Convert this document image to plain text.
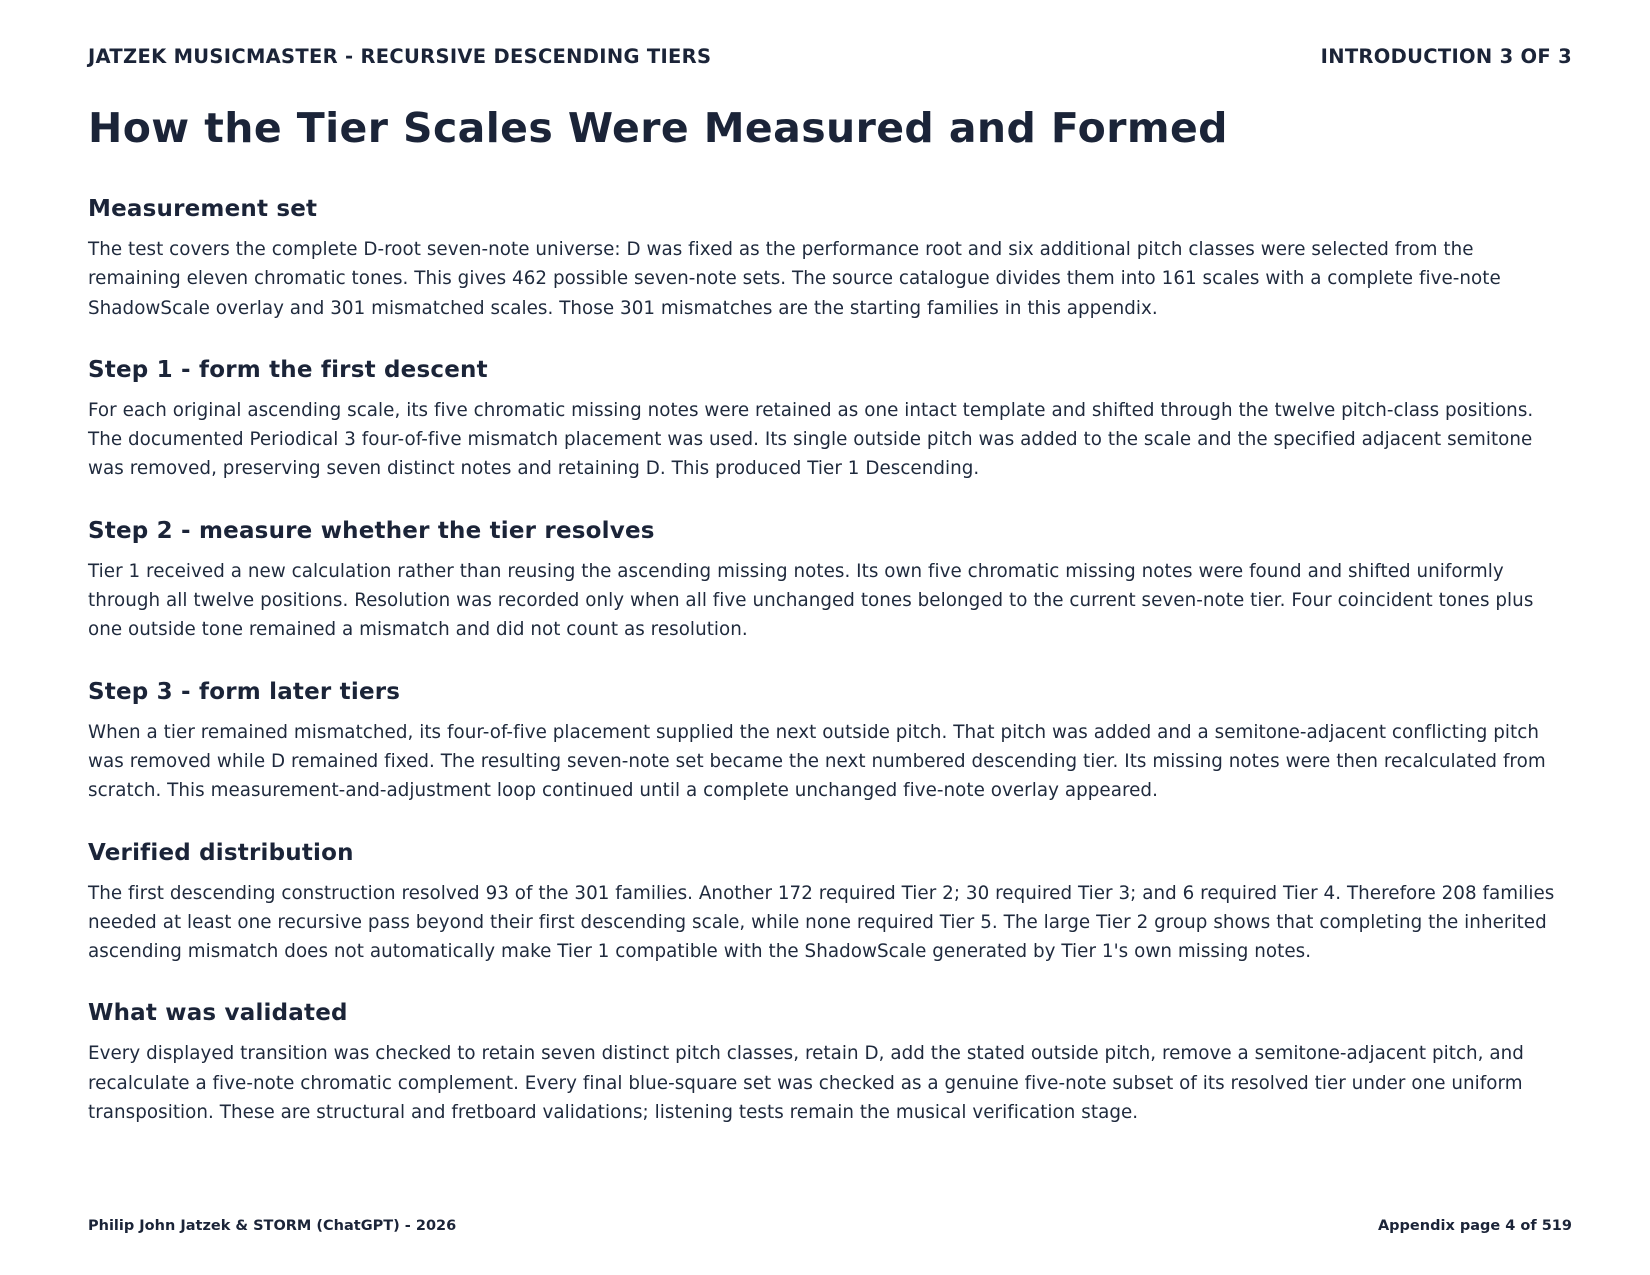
JATZEK MUSICMASTER - RECURSIVE DESCENDING TIERS	INTRODUCTION 3 OF 3
How the Tier Scales Were Measured and Formed
Measurement set

The test covers the complete D-root seven-note universe: D was fixed as the performance root and six additional pitch classes were selected from the remaining eleven chromatic tones. This gives 462 possible seven-note sets. The source catalogue divides them into 161 scales with a complete five-note ShadowScale overlay and 301 mismatched scales. Those 301 mismatches are the starting families in this appendix.

Step 1 - form the first descent

For each original ascending scale, its five chromatic missing notes were retained as one intact template and shifted through the twelve pitch-class positions. The documented Periodical 3 four-of-five mismatch placement was used. Its single outside pitch was added to the scale and the specified adjacent semitone was removed, preserving seven distinct notes and retaining D. This produced Tier 1 Descending.

Step 2 - measure whether the tier resolves

Tier 1 received a new calculation rather than reusing the ascending missing notes. Its own five chromatic missing notes were found and shifted uniformly through all twelve positions. Resolution was recorded only when all five unchanged tones belonged to the current seven-note tier. Four coincident tones plus one outside tone remained a mismatch and did not count as resolution.

Step 3 - form later tiers

When a tier remained mismatched, its four-of-five placement supplied the next outside pitch. That pitch was added and a semitone-adjacent conflicting pitch was removed while D remained fixed. The resulting seven-note set became the next numbered descending tier. Its missing notes were then recalculated from scratch. This measurement-and-adjustment loop continued until a complete unchanged five-note overlay appeared.

Verified distribution

The first descending construction resolved 93 of the 301 families. Another 172 required Tier 2; 30 required Tier 3; and 6 required Tier 4. Therefore 208 families needed at least one recursive pass beyond their first descending scale, while none required Tier 5. The large Tier 2 group shows that completing the inherited ascending mismatch does not automatically make Tier 1 compatible with the ShadowScale generated by Tier 1's own missing notes.

What was validated

Every displayed transition was checked to retain seven distinct pitch classes, retain D, add the stated outside pitch, remove a semitone-adjacent pitch, and recalculate a five-note chromatic complement. Every final blue-square set was checked as a genuine five-note subset of its resolved tier under one uniform transposition. These are structural and fretboard validations; listening tests remain the musical verification stage.

Philip John Jatzek & STORM (ChatGPT) - 2026	Appendix page 4 of 519
